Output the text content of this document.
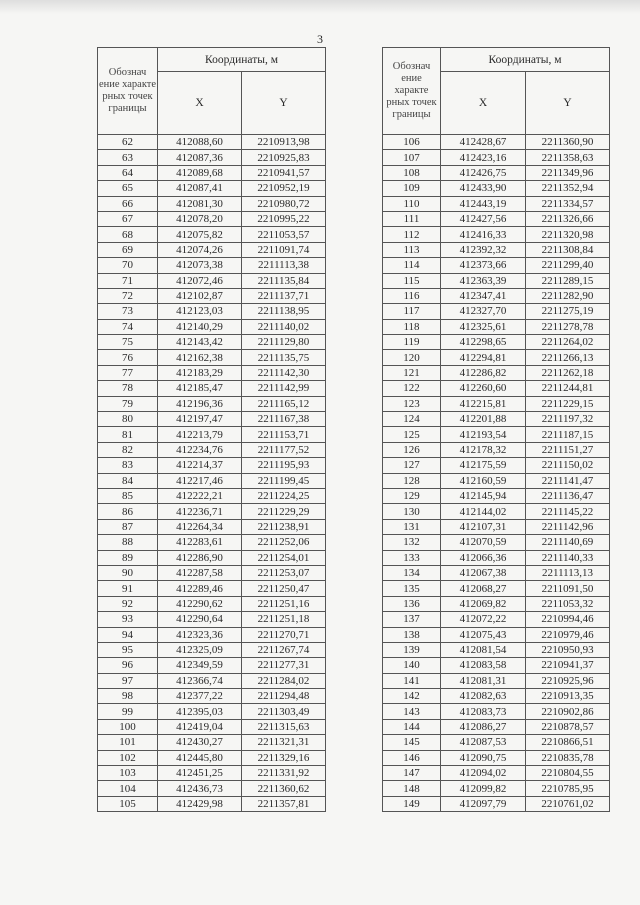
3
Обознач ение характе рных точек границы	Координаты, м	
	X	Y
62	412088,60	2210913,98
63	412087,36	2210925,83
64	412089,68	2210941,57
65	412087,41	2210952,19
66	412081,30	2210980,72
67	412078,20	2210995,22
68	412075,82	2211053,57
69	412074,26	2211091,74
70	412073,38	2211113,38
71	412072,46	2211135,84
72	412102,87	2211137,71
73	412123,03	2211138,95
74	412140,29	2211140,02
75	412143,42	2211129,80
76	412162,38	2211135,75
77	412183,29	2211142,30
78	412185,47	2211142,99
79	412196,36	2211165,12
80	412197,47	2211167,38
81	412213,79	2211153,71
82	412234,76	2211177,52
83	412214,37	2211195,93
84	412217,46	2211199,45
85	412222,21	2211224,25
86	412236,71	2211229,29
87	412264,34	2211238,91
88	412283,61	2211252,06
89	412286,90	2211254,01
90	412287,58	2211253,07
91	412289,46	2211250,47
92	412290,62	2211251,16
93	412290,64	2211251,18
94	412323,36	2211270,71
95	412325,09	2211267,74
96	412349,59	2211277,31
97	412366,74	2211284,02
98	412377,22	2211294,48
99	412395,03	2211303,49
100	412419,04	2211315,63
101	412430,27	2211321,31
102	412445,80	2211329,16
103	412451,25	2211331,92
104	412436,73	2211360,62
105	412429,98	2211357,81
Обознач ение характе рных точек границы	Координаты, м	
	X	Y
106	412428,67	2211360,90
107	412423,16	2211358,63
108	412426,75	2211349,96
109	412433,90	2211352,94
110	412443,19	2211334,57
111	412427,56	2211326,66
112	412416,33	2211320,98
113	412392,32	2211308,84
114	412373,66	2211299,40
115	412363,39	2211289,15
116	412347,41	2211282,90
117	412327,70	2211275,19
118	412325,61	2211278,78
119	412298,65	2211264,02
120	412294,81	2211266,13
121	412286,82	2211262,18
122	412260,60	2211244,81
123	412215,81	2211229,15
124	412201,88	2211197,32
125	412193,54	2211187,15
126	412178,32	2211151,27
127	412175,59	2211150,02
128	412160,59	2211141,47
129	412145,94	2211136,47
130	412144,02	2211145,22
131	412107,31	2211142,96
132	412070,59	2211140,69
133	412066,36	2211140,33
134	412067,38	2211113,13
135	412068,27	2211091,50
136	412069,82	2211053,32
137	412072,22	2210994,46
138	412075,43	2210979,46
139	412081,54	2210950,93
140	412083,58	2210941,37
141	412081,31	2210925,96
142	412082,63	2210913,35
143	412083,73	2210902,86
144	412086,27	2210878,57
145	412087,53	2210866,51
146	412090,75	2210835,78
147	412094,02	2210804,55
148	412099,82	2210785,95
149	412097,79	2210761,02
